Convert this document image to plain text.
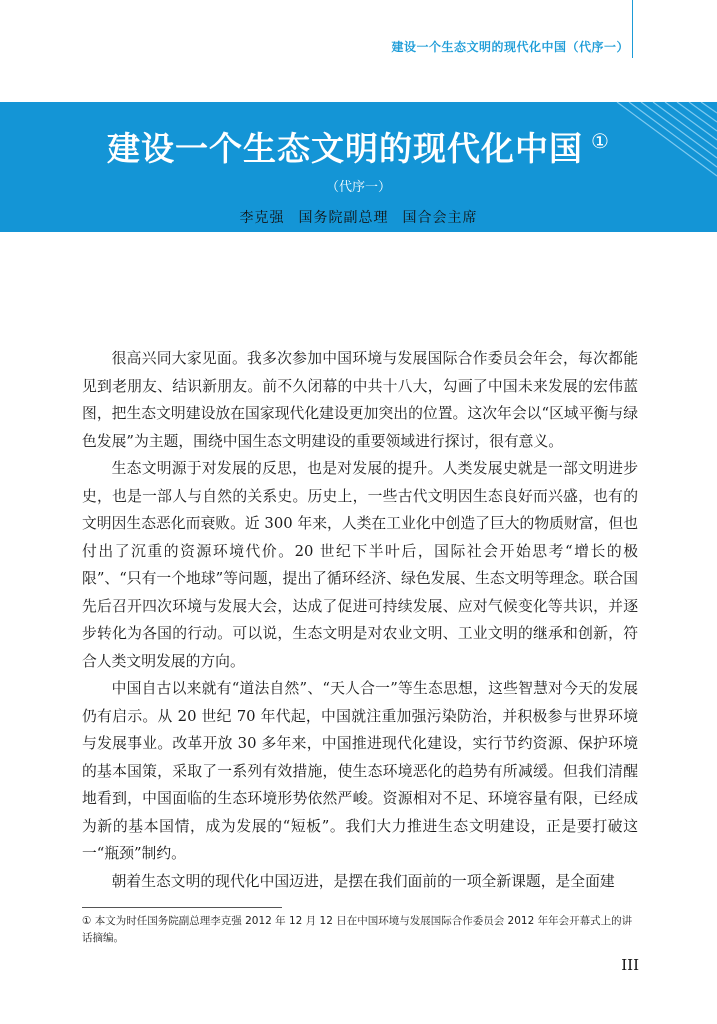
建设一个生态文明的现代化中国（代序一）
建设一个生态文明的现代化中国 ①
（代序一）
李克强 国务院副总理 国合会主席

很高兴同大家见面。我多次参加中国环境与发展国际合作委员会年会，每次都能见到老朋友、结识新朋友。前不久闭幕的中共十八大，勾画了中国未来发展的宏伟蓝图，把生态文明建设放在国家现代化建设更加突出的位置。这次年会以“区域平衡与绿色发展”为主题，围绕中国生态文明建设的重要领域进行探讨，很有意义。

生态文明源于对发展的反思，也是对发展的提升。人类发展史就是一部文明进步史，也是一部人与自然的关系史。历史上，一些古代文明因生态良好而兴盛，也有的文明因生态恶化而衰败。近 300 年来，人类在工业化中创造了巨大的物质财富，但也付出了沉重的资源环境代价。20 世纪下半叶后，国际社会开始思考“增长的极限”、“只有一个地球”等问题，提出了循环经济、绿色发展、生态文明等理念。联合国先后召开四次环境与发展大会，达成了促进可持续发展、应对气候变化等共识，并逐步转化为各国的行动。可以说，生态文明是对农业文明、工业文明的继承和创新，符合人类文明发展的方向。

中国自古以来就有“道法自然”、“天人合一”等生态思想，这些智慧对今天的发展仍有启示。从 20 世纪 70 年代起，中国就注重加强污染防治，并积极参与世界环境与发展事业。改革开放 30 多年来，中国推进现代化建设，实行节约资源、保护环境的基本国策，采取了一系列有效措施，使生态环境恶化的趋势有所减缓。但我们清醒地看到，中国面临的生态环境形势依然严峻。资源相对不足、环境容量有限，已经成为新的基本国情，成为发展的“短板”。我们大力推进生态文明建设，正是要打破这一“瓶颈”制约。

朝着生态文明的现代化中国迈进，是摆在我们面前的一项全新课题，是全面建

① 本文为时任国务院副总理李克强 2012 年 12 月 12 日在中国环境与发展国际合作委员会 2012 年年会开幕式上的讲话摘编。
III
